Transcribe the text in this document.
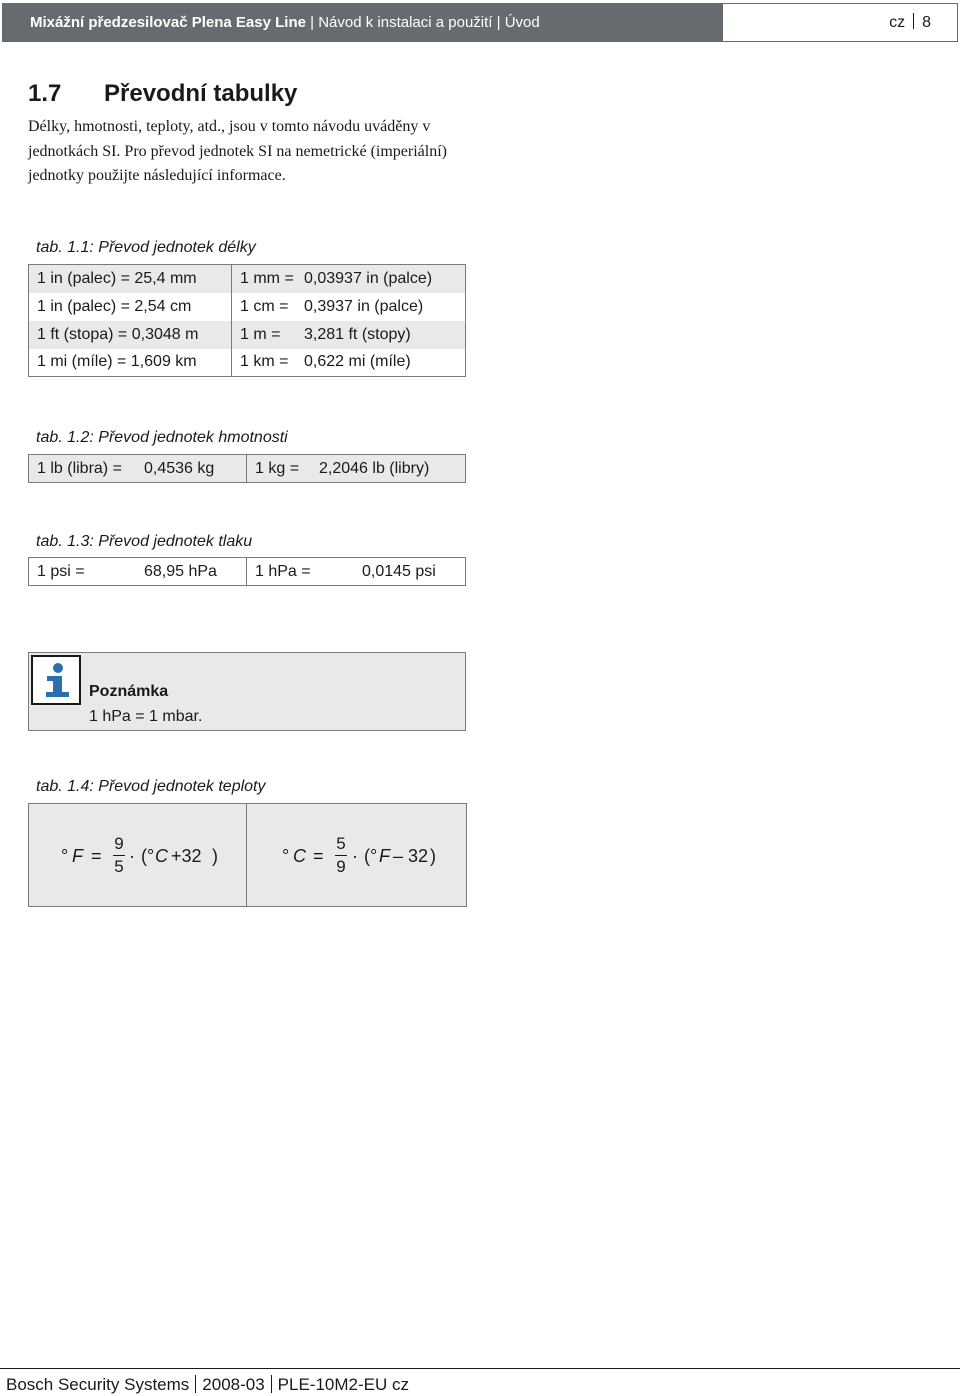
Mixážní předzesilovač Plena Easy Line | Návod k instalaci a použití | Úvod	cz 8
1.7 Převodní tabulky

Délky, hmotnosti, teploty, atd., jsou v tomto návodu uváděny v jednotkách SI. Pro převod jednotek SI na nemetrické (imperiální) jednotky použijte následující informace.

tab. 1.1: Převod jednotek délky
1 in (palec) = 25,4 mm	1 mm = 0,03937 in (palce)
1 in (palec) = 2,54 cm	1 cm = 0,3937 in (palce)
1 ft (stopa) = 0,3048 m	1 m = 3,281 ft (stopy)
1 mi (míle) = 1,609 km	1 km = 0,622 mi (míle)
tab. 1.2: Převod jednotek hmotnosti
1 lb (libra) = 0,4536 kg	1 kg = 2,2046 lb (libry)
tab. 1.3: Převod jednotek tlaku
1 psi =	68,95 hPa	1 hPa =	0,0145 psi
Poznámka
1 hPa = 1 mbar.
tab. 1.4: Převod jednotek teploty
° F =
9
5
· ( ° C +32 )	° C =
5
9
· ( ° F – 32 )
Bosch Security Systems 2008-03 PLE-10M2-EU cz
